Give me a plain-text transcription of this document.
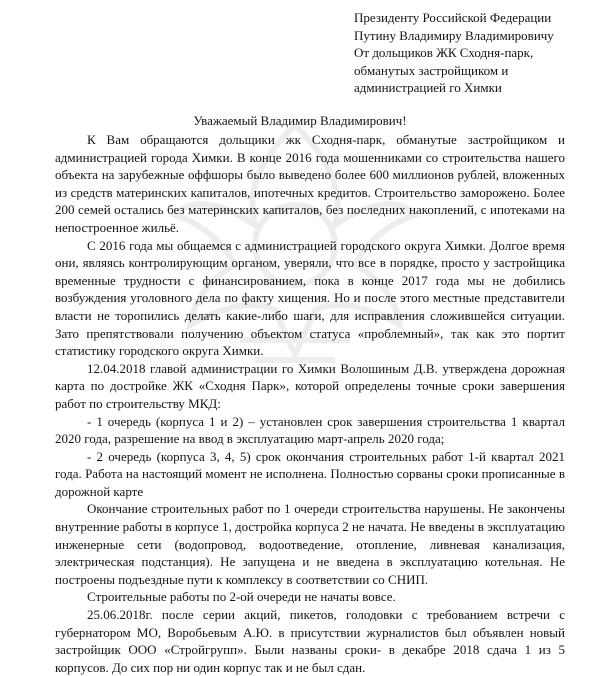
Президенту Российской Федерации
Путину Владимиру Владимировичу
От дольщиков ЖК Сходня-парк,
обманутых застройщиком и
администрацией го Химки
Уважаемый Владимир Владимирович!

К Вам обращаются дольщики жк Сходня-парк, обманутые застройщиком и администрацией города Химки. В конце 2016 года мошенниками со строительства нашего объекта на зарубежные оффшоры было выведено более 600 миллионов рублей, вложенных из средств материнских капиталов, ипотечных кредитов. Строительство заморожено. Более 200 семей остались без материнских капиталов, без последних накоплений, с ипотеками на непостроенное жильё.

С 2016 года мы общаемся с администрацией городского округа Химки. Долгое время они, являясь контролирующим органом, уверяли, что все в порядке, просто у застройщика временные трудности с финансированием, пока в конце 2017 года мы не добились возбуждения уголовного дела по факту хищения. Но и после этого местные представители власти не торопились делать какие-либо шаги, для исправления сложившейся ситуации. Зато препятствовали получению объектом статуса «проблемный», так как это портит статистику городского округа Химки.

12.04.2018 главой администрации го Химки Волошиным Д.В. утверждена дорожная карта по достройке ЖК «Сходня Парк», которой определены точные сроки завершения работ по строительству МКД:

- 1 очередь (корпуса 1 и 2) – установлен срок завершения строительства 1 квартал 2020 года, разрешение на ввод в эксплуатацию март-апрель 2020 года;

- 2 очередь (корпуса 3, 4, 5) срок окончания строительных работ 1-й квартал 2021 года. Работа на настоящий момент не исполнена. Полностью сорваны сроки прописанные в дорожной карте

Окончание строительных работ по 1 очереди строительства нарушены. Не закончены внутренние работы в корпусе 1, достройка корпуса 2 не начата. Не введены в эксплуатацию инженерные сети (водопровод, водоотведение, отопление, ливневая канализация, электрическая подстанция). Не запущена и не введена в эксплуатацию котельная. Не построены подъездные пути к комплексу в соответствии со СНИП.

Строительные работы по 2-ой очереди не начаты вовсе.

25.06.2018г. после серии акций, пикетов, голодовки с требованием встречи с губернатором МО, Воробьевым А.Ю. в присутствии журналистов был объявлен новый застройщик ООО «Стройгрупп». Были названы сроки- в декабре 2018 сдача 1 из 5 корпусов. До сих пор ни один корпус так и не был сдан.
